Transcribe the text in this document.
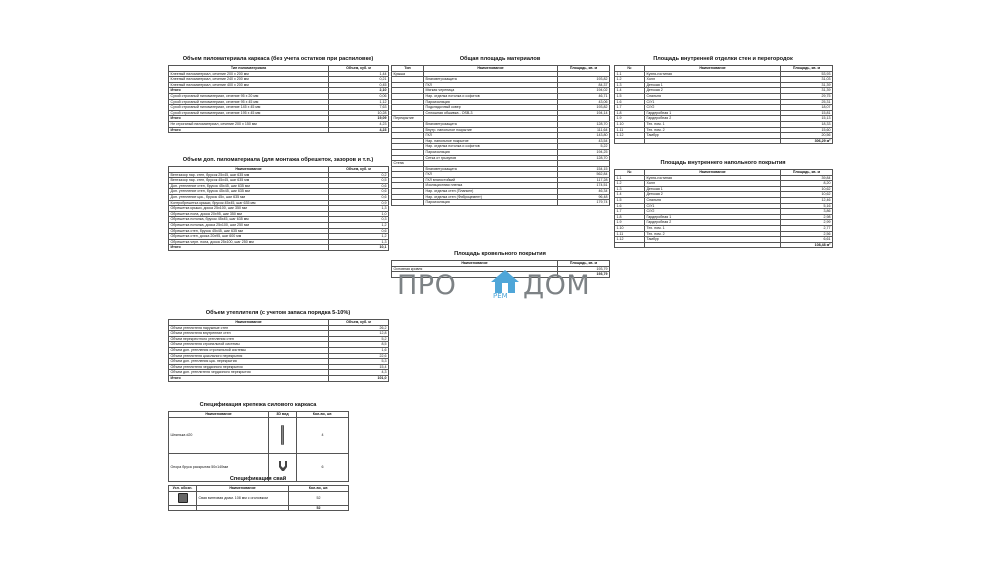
Объем пиломатериала каркаса (без учета остатков при распиловке)
Тип пиломатериала	Объем, куб. м
Клееный пиломатериал, сечение 200 х 200 мм	1,44
Клееный пиломатериал, сечение 240 х 200 мм	0,21
Клееный пиломатериал, сечение 400 х 200 мм	0,45
Итого	2,10
Сухой строганый пиломатериал, сечение 95 х 20 мм	0,06
Сухой строганый пиломатериал, сечение 95 х 45 мм	1,12
Сухой строганый пиломатериал, сечение 145 х 45 мм	7,63
Сухой строганый пиломатериал, сечение 195 х 45 мм	10,28
Итого	19,09
Не строганый пиломатериал, сечение 200 х 150 мм	4,23
Итого	4,23
Объем доп. пиломатериала (для монтажа обрешеток, зазоров и т.п.)
Наименование	Объем, куб. м
Вентзазор нар. стен, брусок 25х45, шаг 635 мм	0,2
Вентзазор нар. стен, брусок 45х45, шаг 635 мм	0,5
Доп. утепление стен, брусок 45х45, шаг 635 мм	0,6
Доп. утепление стен, брусок 45х45, шаг 635 мм	0,6
Доп. утепление цок., брусок 45х, шаг 635 мм	0,6
Контробрешетка крыши, брусок 45х45, шаг 635 мм	0,9
Обрешетка крыши, доска 25х100, шаг 350 мм	1,3
Обрешетка пола, доска 20х95, шаг 350 мм	1,0
Обрешетка потолка, брусок 45х45, шаг 635 мм	0,3
Обрешетка потолка, доска 25х100, шаг 250 мм	1,2
Обрешетка стен, брусок 45х45, шаг 635 мм	0,6
Обрешетка стен, доска 20х95, шаг 600 мм	1,2
Обрешетка черн. пола, доска 25х100, шаг 250 мм	1,3
Итого	10,1
Объем утеплителя (с учетом запаса порядка 5-10%)
Наименование	Объем, куб. м
Объем утеплителя наружные стен	26,2
Объем утеплителя внутренние стен	12,8
Объем перекрестного утепления стен	5,2
Объем утеплителя стропильной системы	8,5
Объем доп. утепления стропильной системы	1,6
Объем утеплителя цокольного перекрытия	22,6
Объем доп. утепления цок. перекрытия	5,3
Объем утеплителя чердачного перекрытия	15,4
Объем доп. утеплителя чердачного перекрытия	4,3
Итого	101,0
Спецификация крепежа силового каркаса
Наименование	3D вид	Кол-во, шт.
Шпилька d20		4
Опора бруса раскрытая 50х140мм		6
Спецификация свай
Усл. обозн.	Наименование	Кол-во, шт.

	Свая винтовая диам. 108 мм с оголовком	52
		52
Общая площадь материалов
Тип	Наименование	Площадь, кв. м
Крыша		
	Влаговетрозащита	193,82
	ГКЛ	84,37
	Мягкая черепица	194,02
	Нар. отделка потолка и софитов	46,71
	Пароизоляция	43,06
	Подкладочный ковер	193,82
	Сплошная обшивка - OSB-3	194,14
Перекрытие		
	Влаговетрозащита	128,70
	Внутр. напольное покрытие	111,64
	ГКЛ	143,80
	Нар. напольное покрытие	43,54
	Нар. отделка потолка и софитов	5,22
	Пароизоляция	194,25
	Сетка от грызунов	128,70
Стена		
	Влаговетрозащита	154,15
	ГКЛ	562,84
	ГКЛ влагостойкий	117,28
	Изоляционная пленка	174,51
	Нар. отделка стен (Планкен)	46,34
	Нар. отделка стен (Фиброцемент)	96,48
	Пароизоляция	179,74
Площадь кровельного покрытия
Наименование	Площадь, кв. м
Основная кровля	193,79
	193,79
Площадь внутренней отделки стен и перегородок
№	Наименование	Площадь, кв. м
1.1	Кухня-гостиная	53,93
1.2	Холл	31,03
1.3	Детская 1	31,39
1.4	Детская 2	31,39
1.5	Спальня	29,75
1.6	С/У1	25,31
1.7	С/У2	18,07
1.8	Гардеробная 1	15,81
1.9	Гардеробная 2	15,13
1.10	Тех. пом. 1	18,33
1.11	Тех. пом. 2	15,60
1.12	Тамбур	20,56
		306,29 м²
Площадь внутреннего напольного покрытия
№	Наименование	Площадь, кв. м
1.1	Кухня-гостиная	39,84
1.2	Холл	8,20
1.3	Детская 1	10,62
1.4	Детская 2	10,62
1.5	Спальня	12,46
1.6	С/У1	5,16
1.7	С/У2	3,86
1.8	Гардеробная 1	2,98
1.9	Гардеробная 2	2,99
1.10	Тех. пом. 1	2,77
1.11	Тех. пом. 2	2,56
1.12	Тамбур	6,61
		108,48 м²
ПРО	РЕМ ДОМ
